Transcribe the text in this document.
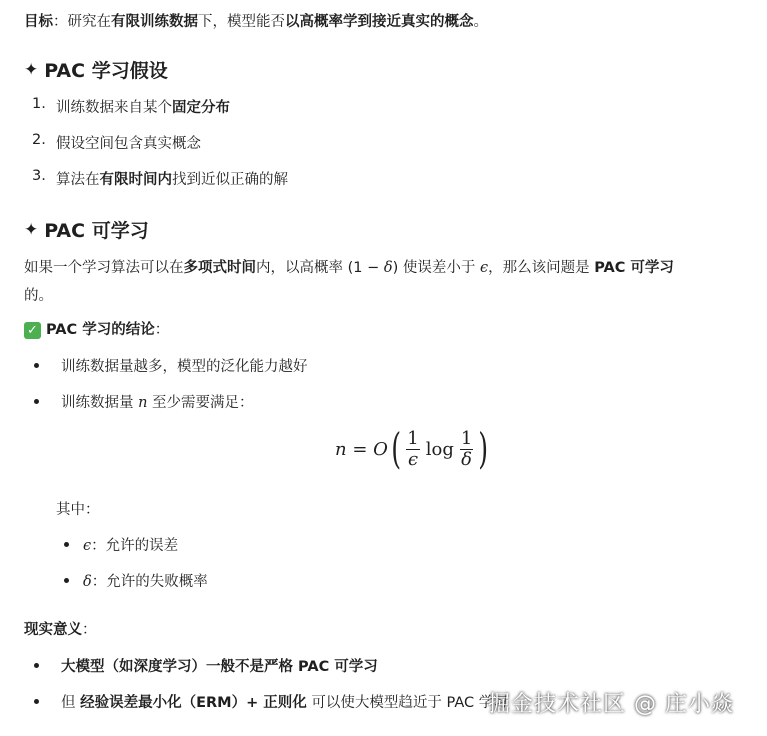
目标：研究在有限训练数据下，模型能否以高概率学到接近真实的概念。
✦ PAC 学习假设
1. 训练数据来自某个固定分布
2. 假设空间包含真实概念
3. 算法在有限时间内找到近似正确的解
✦ PAC 可学习
如果一个学习算法可以在多项式时间内，以高概率 (1 − δ) 使误差小于 ϵ，那么该问题是 PAC 可学习
的。
✓ PAC 学习的结论：
训练数据量越多，模型的泛化能力越好
训练数据量 n 至少需要满足：
n = O ( $\frac{1}{\epsilon}$ $\log \frac{1}{\delta}$ )
其中：
ϵ：允许的误差
δ：允许的失败概率
现实意义：
大模型（如深度学习）一般不是严格 PAC 可学习
但 经验误差最小化（ERM）+ 正则化 可以使大模型趋近于 PAC 学习
掘金技术社区 @ 庄小焱
